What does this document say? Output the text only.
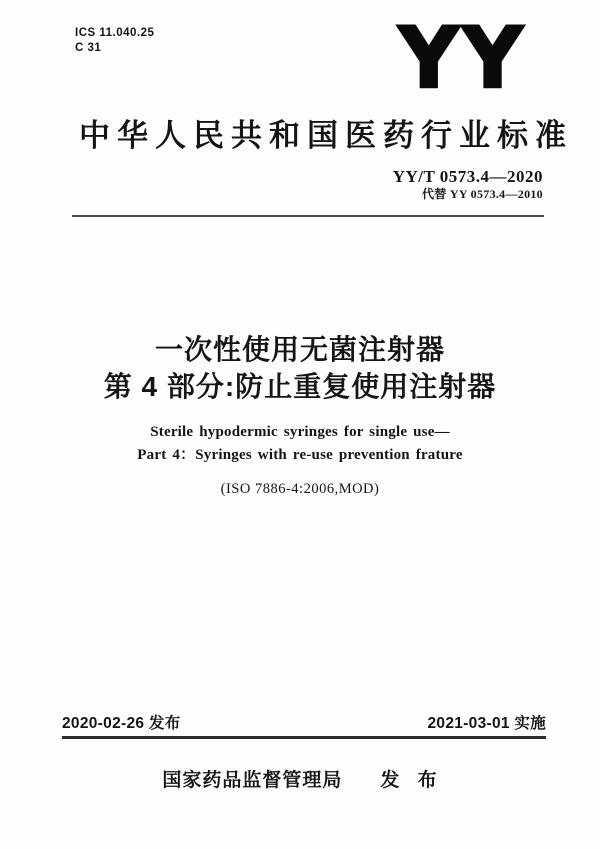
ICS 11.040.25
C 31	YY
中华人民共和国医药行业标准
YY/T 0573.4—2020
代替 YY 0573.4—2010
一次性使用无菌注射器
第 4 部分:防止重复使用注射器
Sterile hypodermic syringes for single use—
Part 4：Syringes with re-use prevention frature
(ISO 7886-4:2006,MOD)
2020-02-26 发布	2021-03-01 实施
国家药品监督管理局 发 布
